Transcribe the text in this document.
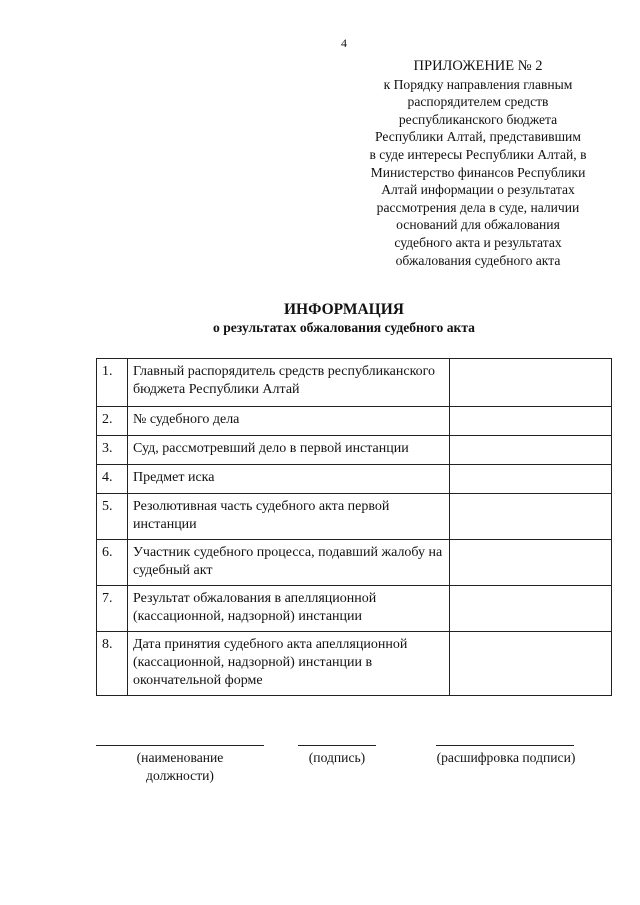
4
ПРИЛОЖЕНИЕ № 2
к Порядку направления главным
распорядителем средств
республиканского бюджета
Республики Алтай, представившим
в суде интересы Республики Алтай, в
Министерство финансов Республики
Алтай информации о результатах
рассмотрения дела в суде, наличии
оснований для обжалования
судебного акта и результатах
обжалования судебного акта
ИНФОРМАЦИЯ
о результатах обжалования судебного акта
1.	Главный распорядитель средств республиканского бюджета Республики Алтай	
2.	№ судебного дела	
3.	Суд, рассмотревший дело в первой инстанции	
4.	Предмет иска	
5.	Резолютивная часть судебного акта первой инстанции	
6.	Участник судебного процесса, подавший жалобу на судебный акт	
7.	Результат обжалования в апелляционной (кассационной, надзорной) инстанции	
8.	Дата принятия судебного акта апелляционной (кассационной, надзорной) инстанции в окончательной форме	
(наименование должности)
(подпись)	(расшифровка подписи)
